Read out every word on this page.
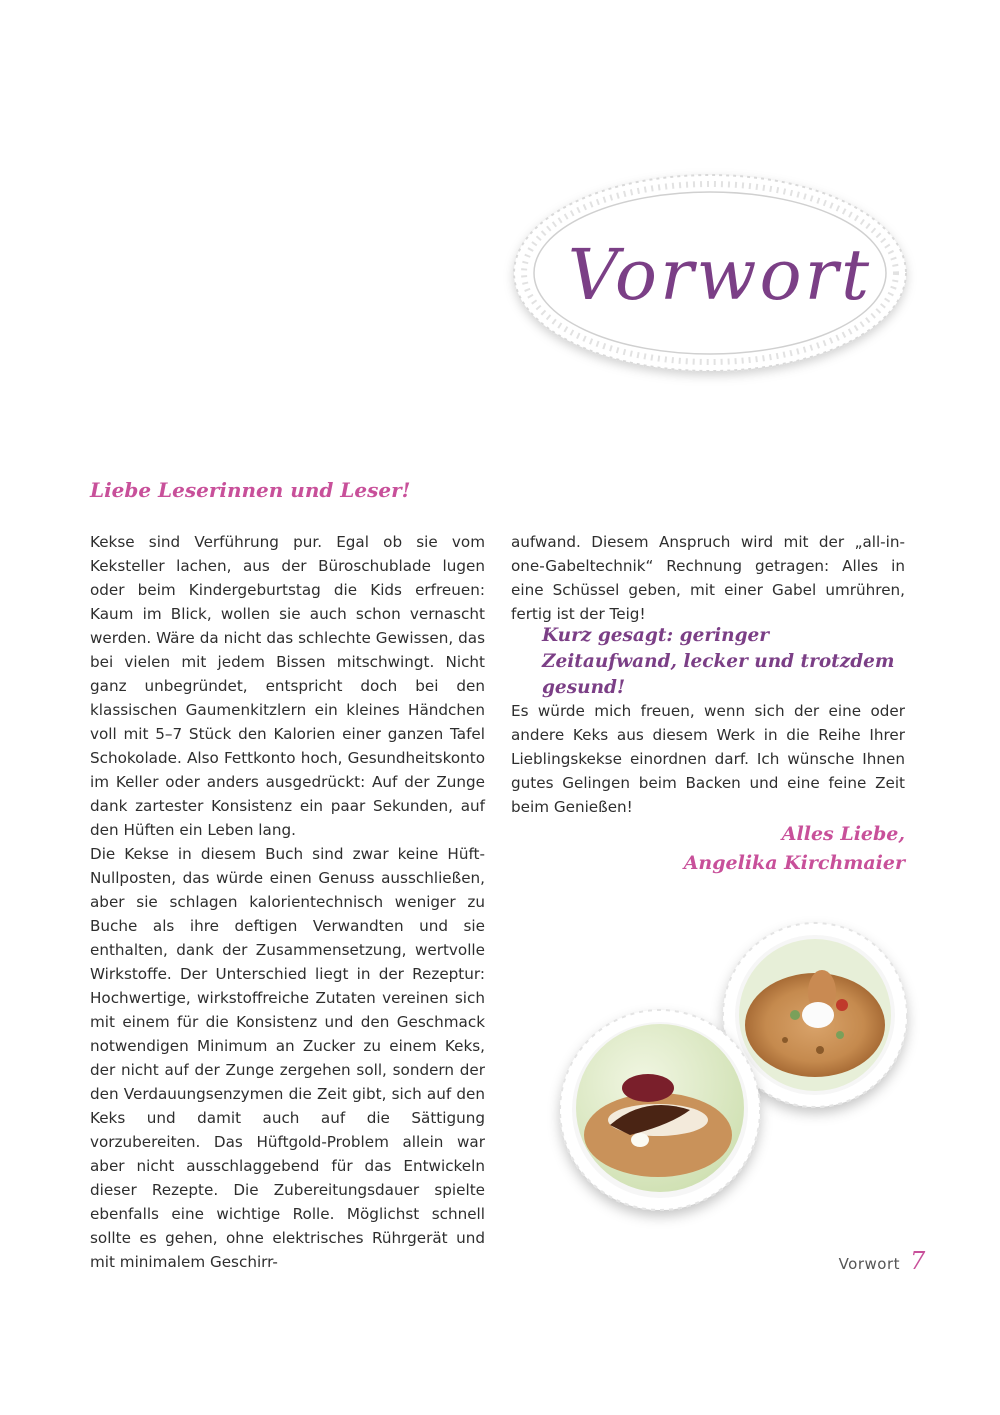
Vorwort
Liebe Leserinnen und Leser!

Kekse sind Verführung pur. Egal ob sie vom Keksteller lachen, aus der Büroschublade lugen oder beim Kindergeburtstag die Kids erfreuen: Kaum im Blick, wollen sie auch schon vernascht werden. Wäre da nicht das schlechte Gewissen, das bei vielen mit jedem Bissen mitschwingt. Nicht ganz unbegründet, entspricht doch bei den klassischen Gaumenkitzlern ein kleines Händchen voll mit 5–7 Stück den Kalorien einer ganzen Tafel Schokolade. Also Fettkonto hoch, Gesundheitskonto im Keller oder anders ausgedrückt: Auf der Zunge dank zartester Konsistenz ein paar Sekunden, auf den Hüften ein Leben lang.

Die Kekse in diesem Buch sind zwar keine Hüft-Nullposten, das würde einen Genuss ausschließen, aber sie schlagen kalorientechnisch weniger zu Buche als ihre deftigen Verwandten und sie enthalten, dank der Zusammensetzung, wertvolle Wirkstoffe. Der Unterschied liegt in der Rezeptur: Hochwertige, wirkstoffreiche Zutaten vereinen sich mit einem für die Konsistenz und den Geschmack notwendigen Minimum an Zucker zu einem Keks, der nicht auf der Zunge zergehen soll, sondern der den Verdauungsenzymen die Zeit gibt, sich auf den Keks und damit auch auf die Sättigung vorzubereiten. Das Hüftgold-Problem allein war aber nicht ausschlaggebend für das Entwickeln dieser Rezepte. Die Zubereitungsdauer spielte ebenfalls eine wichtige Rolle. Möglichst schnell sollte es gehen, ohne elektrisches Rührgerät und mit minimalem Geschirr-

aufwand. Diesem Anspruch wird mit der „all-in-one-Gabeltechnik“ Rechnung getragen: Alles in eine Schüssel geben, mit einer Gabel umrühren, fertig ist der Teig!

Kurz gesagt: geringer Zeitaufwand, lecker und trotzdem gesund!

Es würde mich freuen, wenn sich der eine oder andere Keks aus diesem Werk in die Reihe Ihrer Lieblingskekse einordnen darf. Ich wünsche Ihnen gutes Gelingen beim Backen und eine feine Zeit beim Genießen!

Alles Liebe,
Angelika Kirchmaier
Vorwort 7
